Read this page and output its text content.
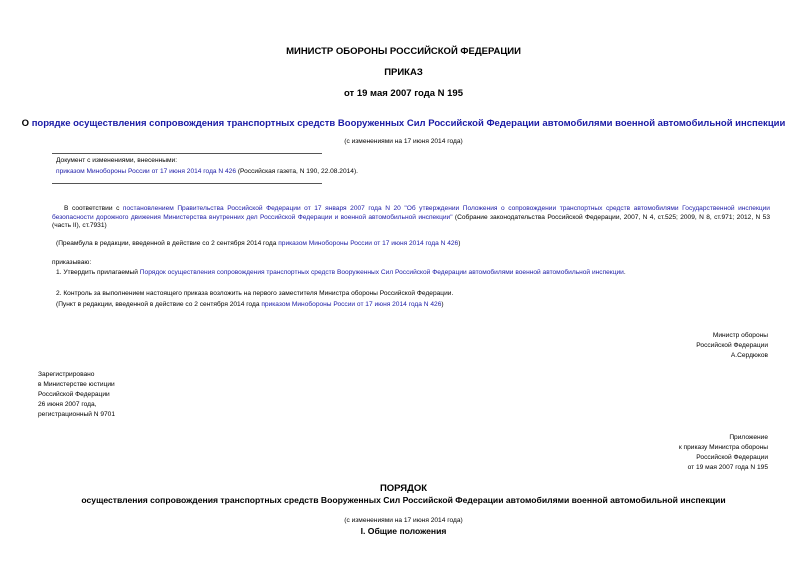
МИНИСТР ОБОРОНЫ РОССИЙСКОЙ ФЕДЕРАЦИИ
ПРИКАЗ
от 19 мая 2007 года N 195
О порядке осуществления сопровождения транспортных средств Вооруженных Сил Российской Федерации автомобилями военной автомобильной инспекции
(с изменениями на 17 июня 2014 года)
Документ с изменениями, внесенными:
приказом Минобороны России от 17 июня 2014 года N 426 (Российская газета, N 190, 22.08.2014).
В соответствии с постановлением Правительства Российской Федерации от 17 января 2007 года N 20 "Об утверждении Положения о сопровождении транспортных средств автомобилями Государственной инспекции безопасности дорожного движения Министерства внутренних дел Российской Федерации и военной автомобильной инспекции" (Собрание законодательства Российской Федерации, 2007, N 4, ст.525; 2009, N 8, ст.971; 2012, N 53 (часть II), ст.7931)
(Преамбула в редакции, введенной в действие со 2 сентября 2014 года приказом Минобороны России от 17 июня 2014 года N 426)
приказываю:
1. Утвердить прилагаемый Порядок осуществления сопровождения транспортных средств Вооруженных Сил Российской Федерации автомобилями военной автомобильной инспекции.
2. Контроль за выполнением настоящего приказа возложить на первого заместителя Министра обороны Российской Федерации.
(Пункт в редакции, введенной в действие со 2 сентября 2014 года приказом Минобороны России от 17 июня 2014 года N 426)
Министр обороны
Российской Федерации
А.Сердюков
Зарегистрировано
в Министерстве юстиции
Российской Федерации
26 июня 2007 года,
регистрационный N 9701
Приложение
к приказу Министра обороны
Российской Федерации
от 19 мая 2007 года N 195
ПОРЯДОК
осуществления сопровождения транспортных средств Вооруженных Сил Российской Федерации автомобилями военной автомобильной инспекции
(с изменениями на 17 июня 2014 года)
I. Общие положения
